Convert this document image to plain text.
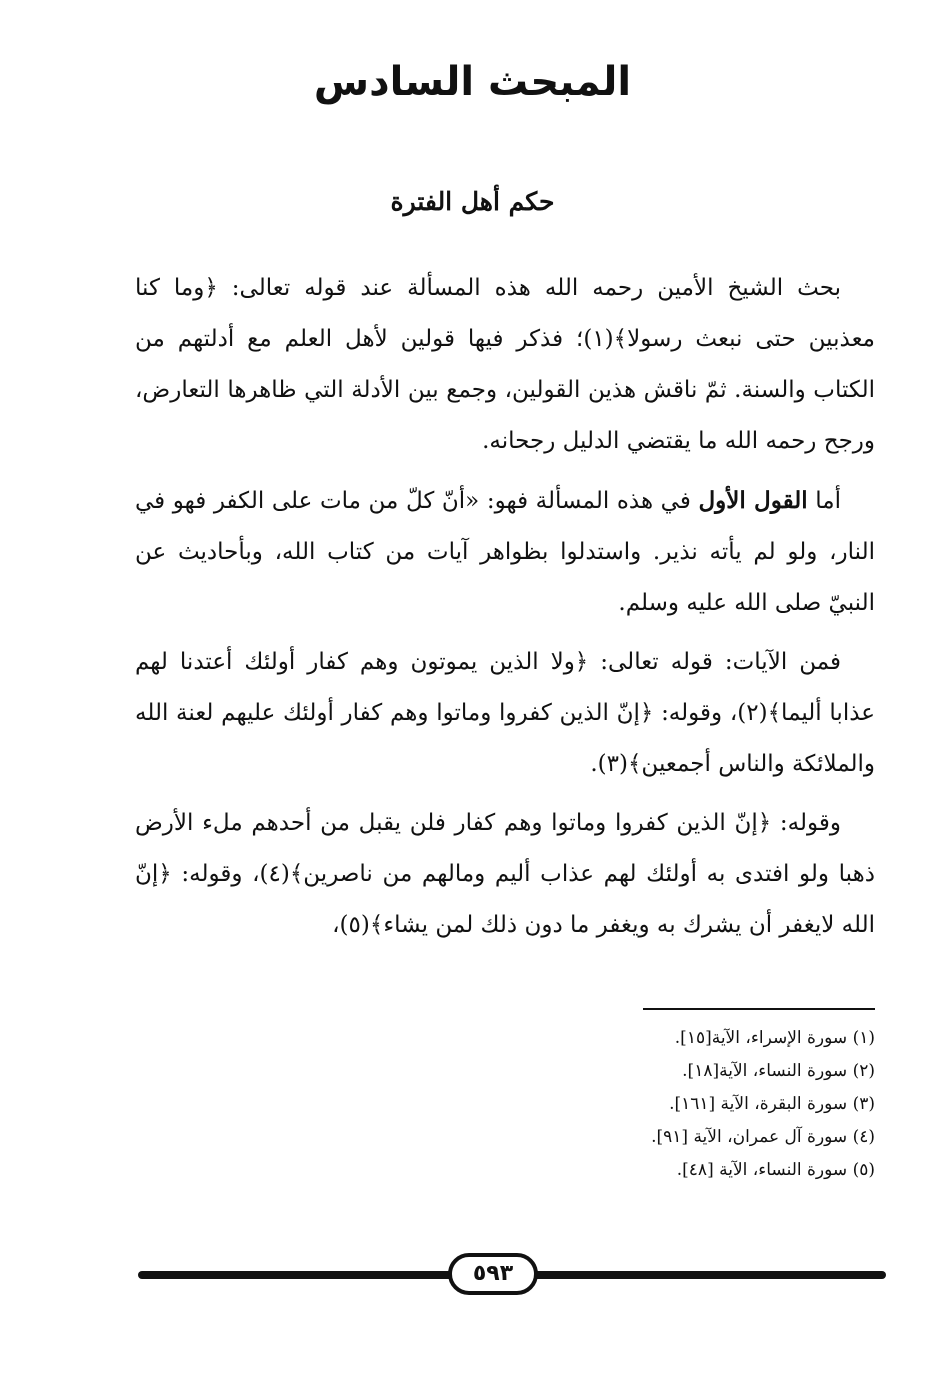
المبحث السادس
حكم أهل الفترة

بحث الشيخ الأمين رحمه الله هذه المسألة عند قوله تعالى: ﴿وما كنا معذبين حتى نبعث رسولا﴾(١)؛ فذكر فيها قولين لأهل العلم مع أدلتهم من الكتاب والسنة. ثمّ ناقش هذين القولين، وجمع بين الأدلة التي ظاهرها التعارض، ورجح رحمه الله ما يقتضي الدليل رجحانه.

أما القول الأول في هذه المسألة فهو: «أنّ كلّ من مات على الكفر فهو في النار، ولو لم يأته نذير. واستدلوا بظواهر آيات من كتاب الله، وبأحاديث عن النبيّ صلى الله عليه وسلم.

فمن الآيات: قوله تعالى: ﴿ولا الذين يموتون وهم كفار أولئك أعتدنا لهم عذابا أليما﴾(٢)، وقوله: ﴿إنّ الذين كفروا وماتوا وهم كفار أولئك عليهم لعنة الله والملائكة والناس أجمعين﴾(٣).

وقوله: ﴿إنّ الذين كفروا وماتوا وهم كفار فلن يقبل من أحدهم ملء الأرض ذهبا ولو افتدى به أولئك لهم عذاب أليم ومالهم من ناصرين﴾(٤)، وقوله: ﴿إنّ الله لايغفر أن يشرك به ويغفر ما دون ذلك لمن يشاء﴾(٥)،

(١) سورة الإسراء، الآية[١٥].
(٢) سورة النساء، الآية[١٨].
(٣) سورة البقرة، الآية [١٦١].
(٤) سورة آل عمران، الآية [٩١].
(٥) سورة النساء، الآية [٤٨].
٥٩٣
